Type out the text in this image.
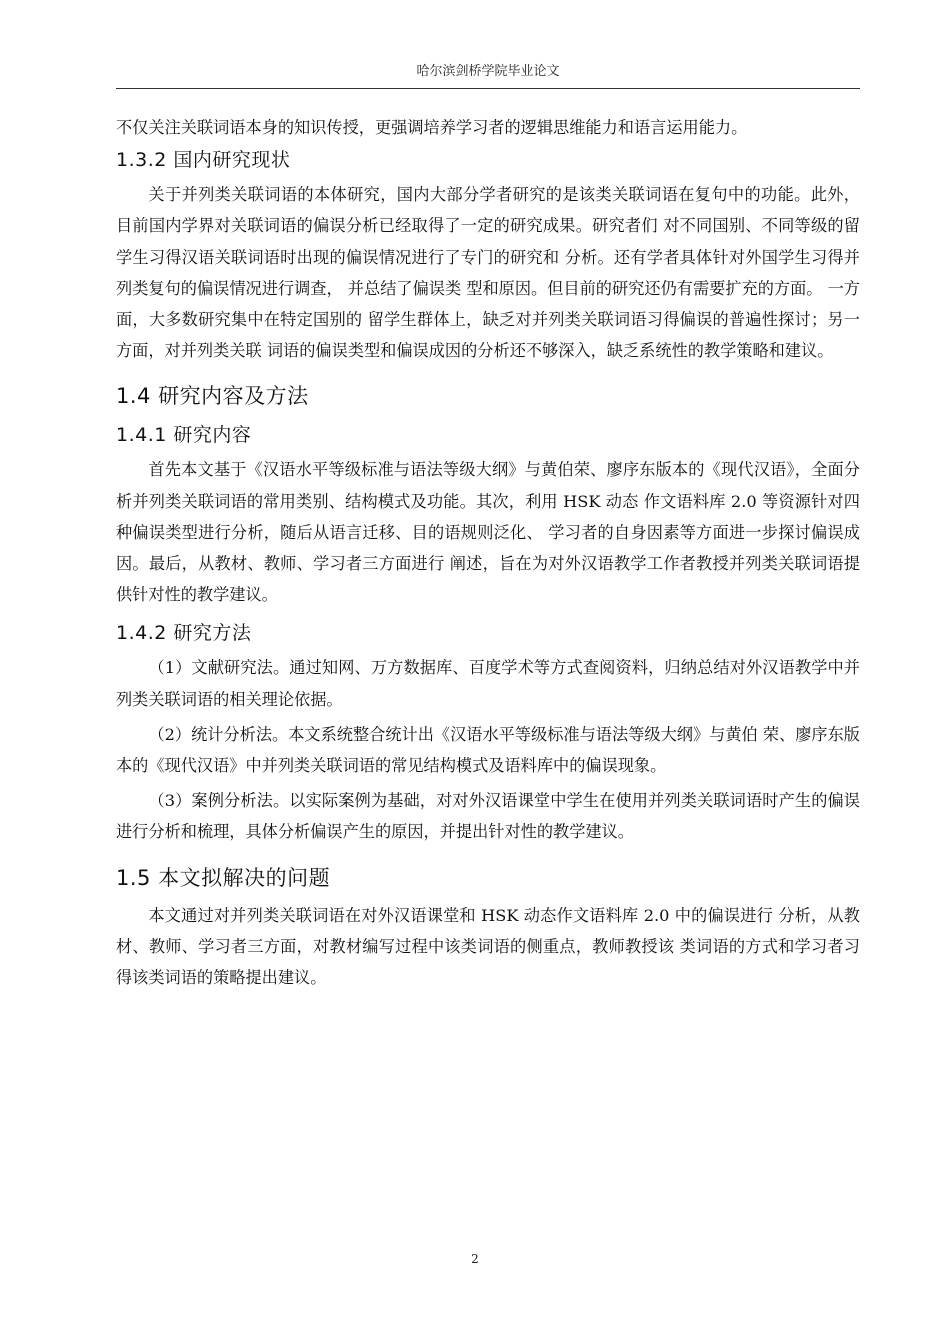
哈尔滨剑桥学院毕业论文

不仅关注关联词语本身的知识传授，更强调培养学习者的逻辑思维能力和语言运用能力。

1.3.2 国内研究现状

关于并列类关联词语的本体研究，国内大部分学者研究的是该类关联词语在复句中的功能。此外， 目前国内学界对关联词语的偏误分析已经取得了一定的研究成果。研究者们 对不同国别、不同等级的留学生习得汉语关联词语时出现的偏误情况进行了专门的研究和 分析。还有学者具体针对外国学生习得并列类复句的偏误情况进行调查， 并总结了偏误类 型和原因。但目前的研究还仍有需要扩充的方面。 一方面，大多数研究集中在特定国别的 留学生群体上，缺乏对并列类关联词语习得偏误的普遍性探讨；另一方面，对并列类关联 词语的偏误类型和偏误成因的分析还不够深入，缺乏系统性的教学策略和建议。

1.4 研究内容及方法
1.4.1 研究内容

首先本文基于《汉语水平等级标准与语法等级大纲》与黄伯荣、廖序东版本的《现代汉语》，全面分析并列类关联词语的常用类别、结构模式及功能。其次，利用 HSK 动态 作文语料库 2.0 等资源针对四种偏误类型进行分析，随后从语言迁移、目的语规则泛化、 学习者的自身因素等方面进一步探讨偏误成因。最后，从教材、教师、学习者三方面进行 阐述，旨在为对外汉语教学工作者教授并列类关联词语提供针对性的教学建议。

1.4.2 研究方法

（1）文献研究法。通过知网、万方数据库、百度学术等方式查阅资料，归纳总结对外汉语教学中并列类关联词语的相关理论依据。

（2）统计分析法。本文系统整合统计出《汉语水平等级标准与语法等级大纲》与黄伯 荣、廖序东版本的《现代汉语》中并列类关联词语的常见结构模式及语料库中的偏误现象。

（3）案例分析法。以实际案例为基础，对对外汉语课堂中学生在使用并列类关联词语时产生的偏误进行分析和梳理，具体分析偏误产生的原因，并提出针对性的教学建议。

1.5 本文拟解决的问题

本文通过对并列类关联词语在对外汉语课堂和 HSK 动态作文语料库 2.0 中的偏误进行 分析，从教材、教师、学习者三方面，对教材编写过程中该类词语的侧重点，教师教授该 类词语的方式和学习者习得该类词语的策略提出建议。

2
